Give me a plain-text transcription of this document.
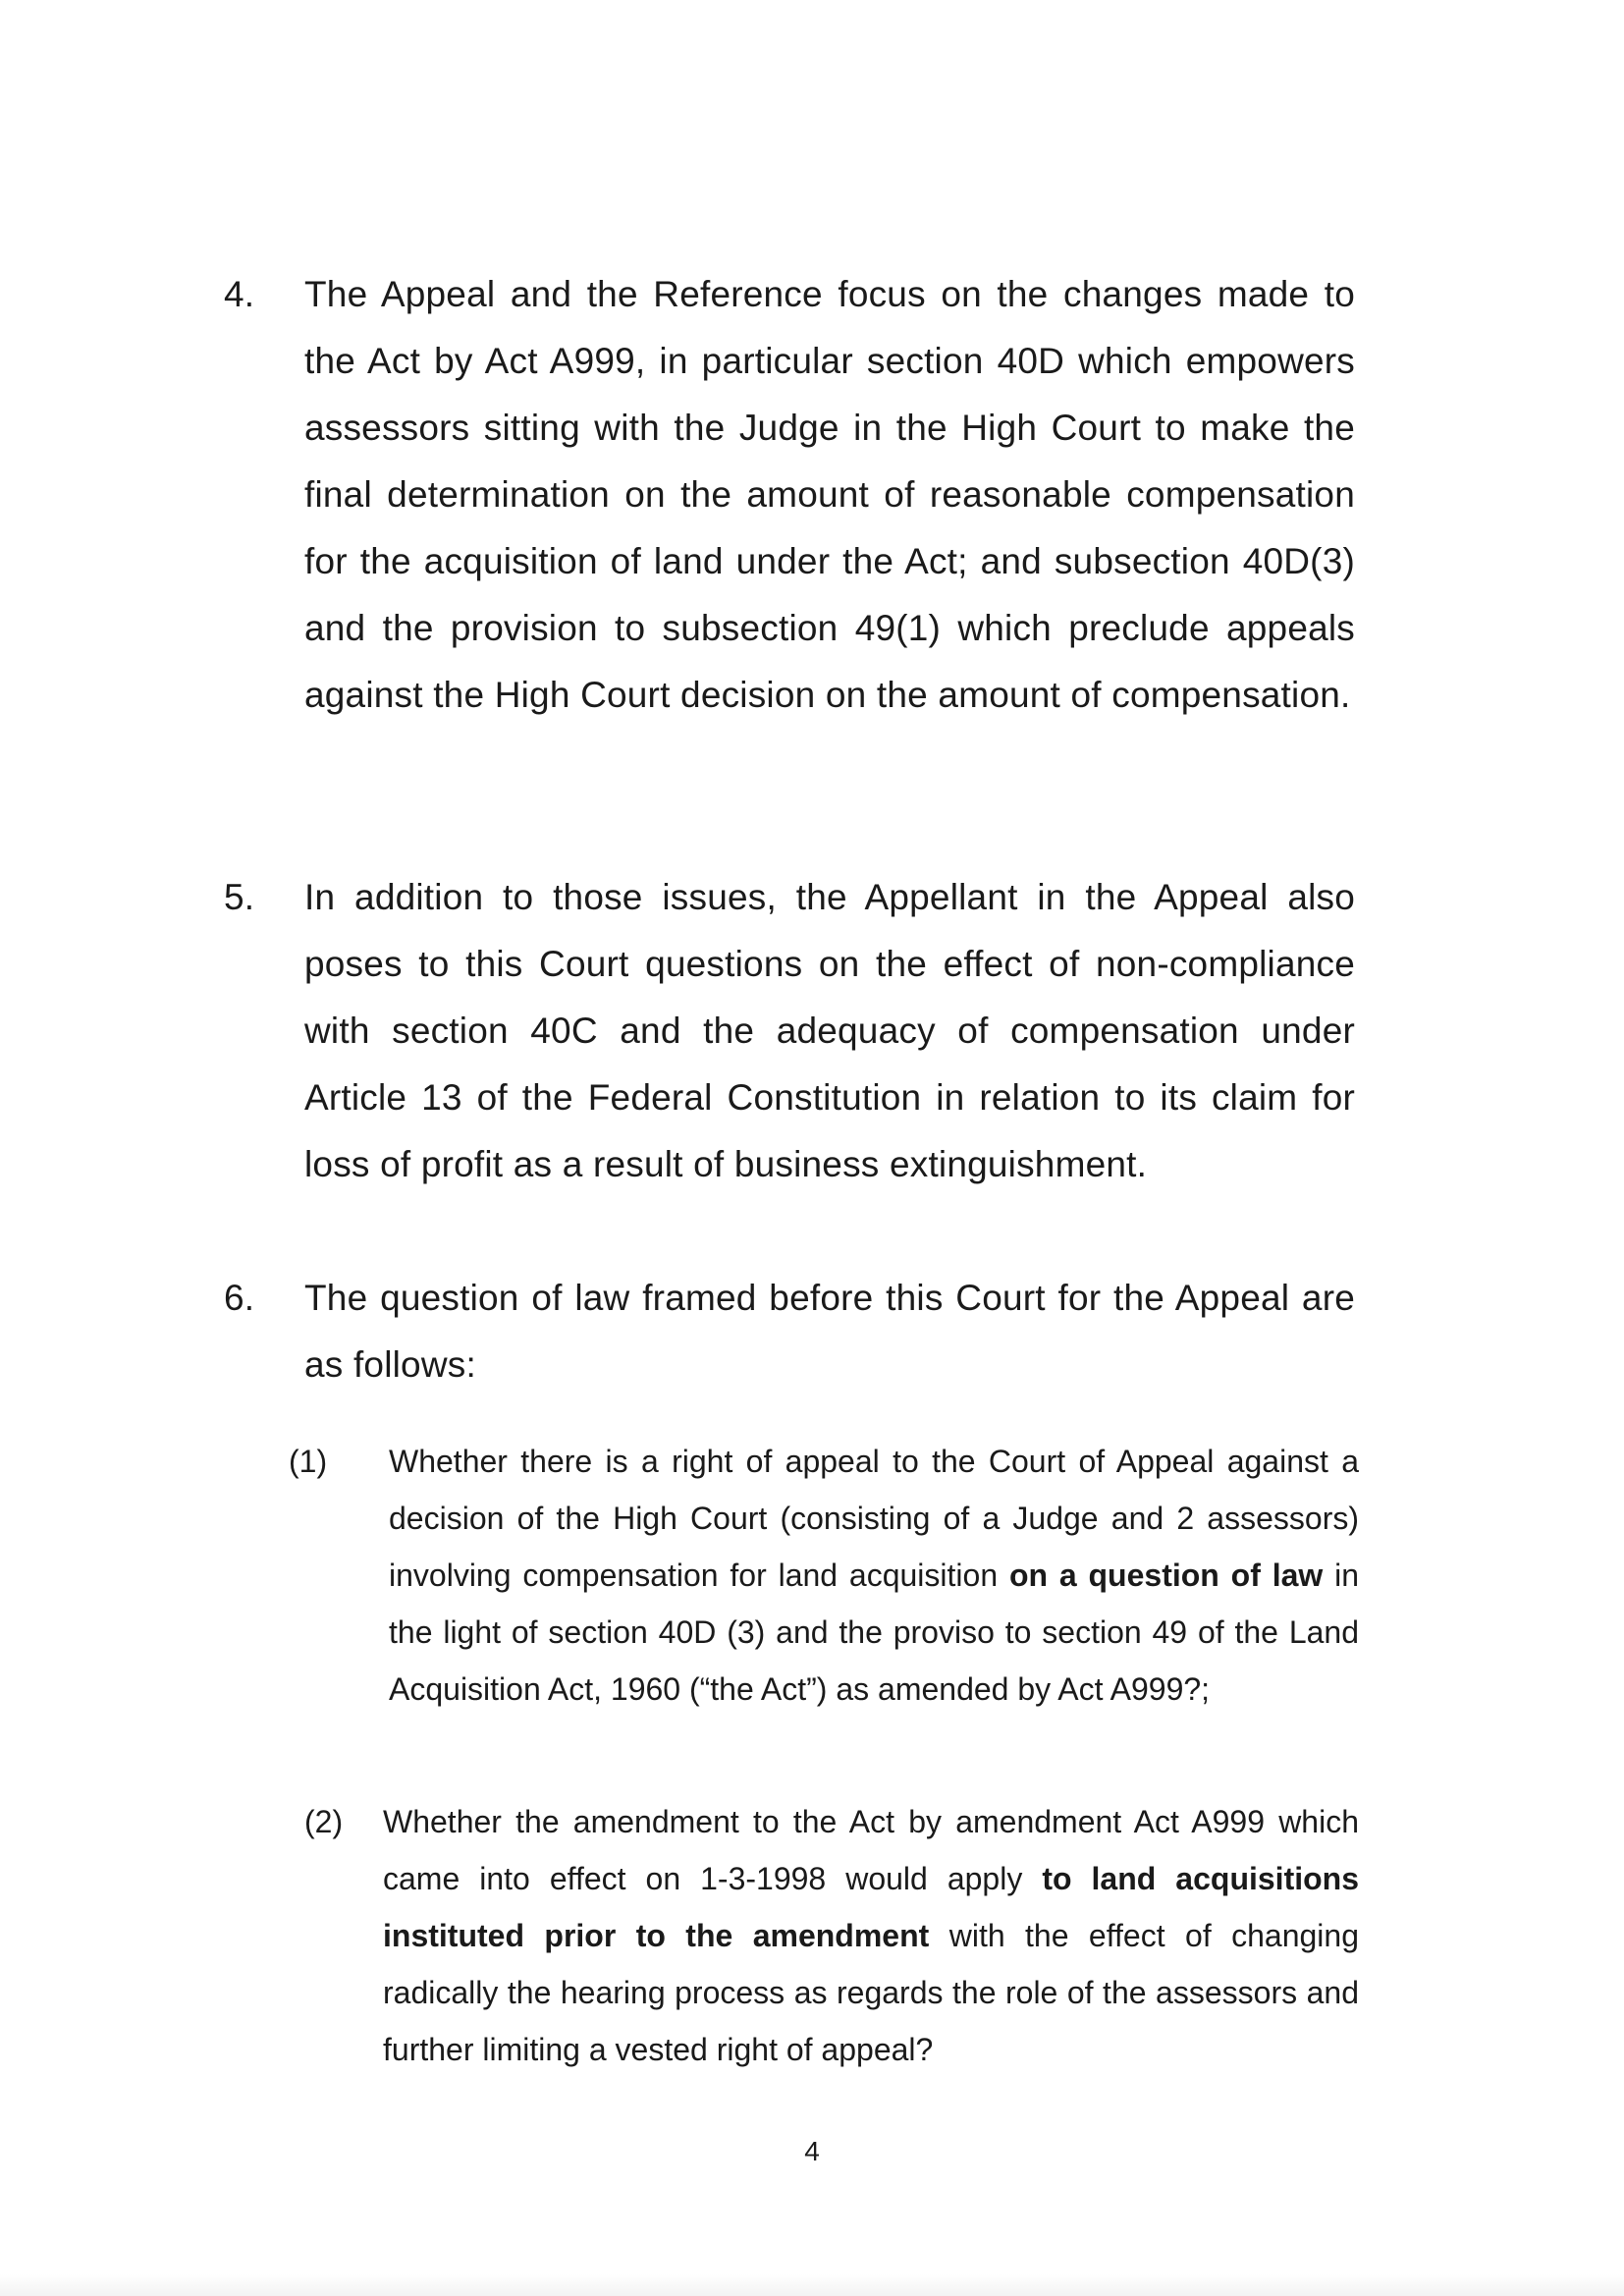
4. The Appeal and the Reference focus on the changes made to the Act by Act A999, in particular section 40D which empowers assessors sitting with the Judge in the High Court to make the final determination on the amount of reasonable compensation for the acquisition of land under the Act; and subsection 40D(3) and the provision to subsection 49(1) which preclude appeals against the High Court decision on the amount of compensation.
5. In addition to those issues, the Appellant in the Appeal also poses to this Court questions on the effect of non-compliance with section 40C and the adequacy of compensation under Article 13 of the Federal Constitution in relation to its claim for loss of profit as a result of business extinguishment.
6. The question of law framed before this Court for the Appeal are as follows:
(1) Whether there is a right of appeal to the Court of Appeal against a decision of the High Court (consisting of a Judge and 2 assessors) involving compensation for land acquisition on a question of law in the light of section 40D (3) and the proviso to section 49 of the Land Acquisition Act, 1960 (“the Act”) as amended by Act A999?;
(2) Whether the amendment to the Act by amendment Act A999 which came into effect on 1-3-1998 would apply to land acquisitions instituted prior to the amendment with the effect of changing radically the hearing process as regards the role of the assessors and further limiting a vested right of appeal?
4
